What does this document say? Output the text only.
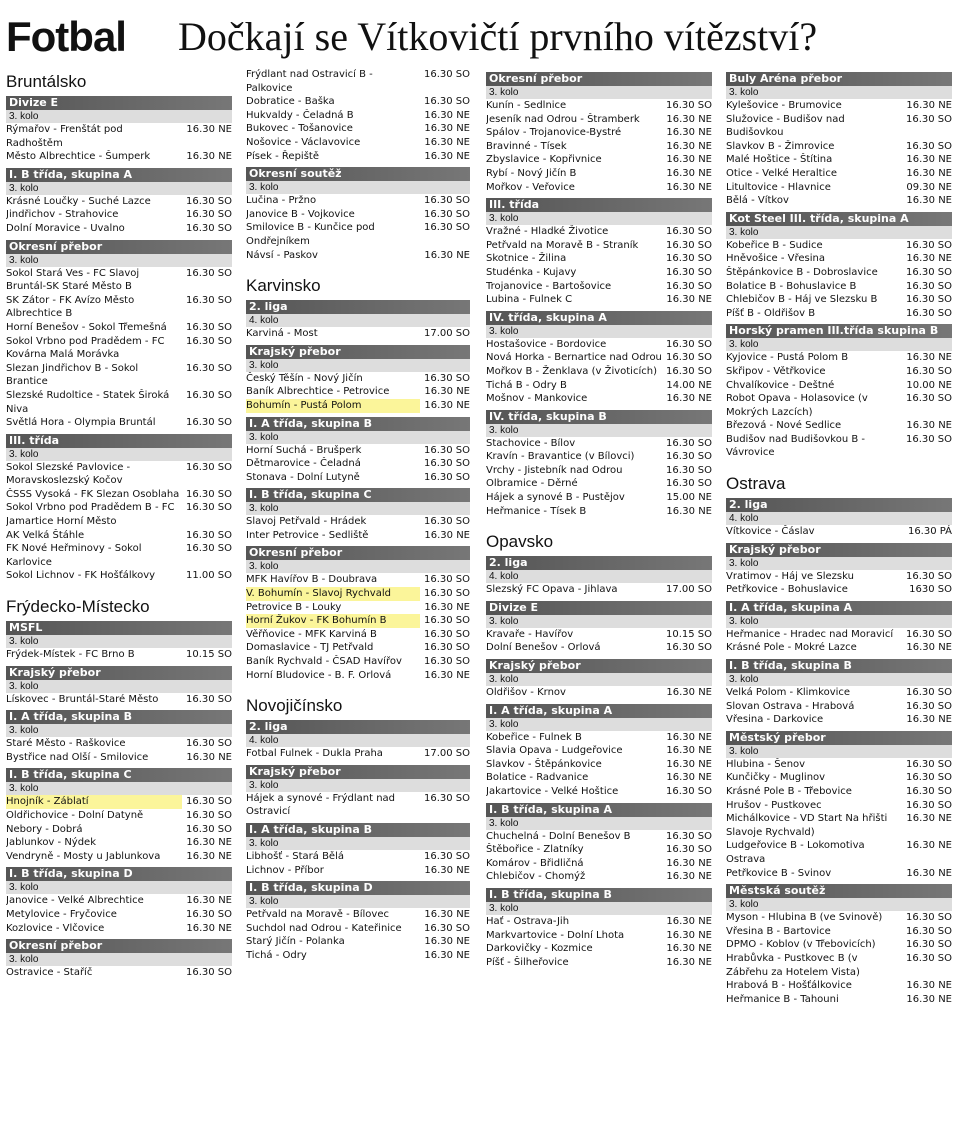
Fotbal Dočkají se Vítkovičtí prvního vítězství?
Bruntálsko
Divize E
3. kolo
Rýmařov - Frenštát pod Radhoštěm
16.30 NE
Město Albrechtice - Šumperk	16.30 NE
I. B třída, skupina A
3. kolo
Krásné Loučky - Suché Lazce	16.30 SO
Jindřichov - Strahovice	16.30 SO
Dolní Moravice - Uvalno	16.30 SO
Okresní přebor
3. kolo
Sokol Stará Ves - FC Slavoj Bruntál-SK Staré Město B
16.30 SO
SK Zátor - FK Avízo Město Albrechtice B
16.30 SO
Horní Benešov - Sokol Třemešná	16.30 SO
Sokol Vrbno pod Pradědem - FC Kovárna Malá Morávka
16.30 SO
Slezan Jindřichov B - Sokol Brantice
16.30 SO
Slezské Rudoltice - Statek Široká Niva
16.30 SO
Světlá Hora - Olympia Bruntál	16.30 SO
III. třída
3. kolo
Sokol Slezské Pavlovice - Moravskoslezský Kočov
16.30 SO
ČSSS Vysoká - FK Slezan Osoblaha 16.30 SO
Sokol Vrbno pod Pradědem B - FC Jamartice Horní Město
16.30 SO
AK Velká Štáhle	16.30 SO
FK Nové Heřminovy - Sokol Karlovice
16.30 SO
Sokol Lichnov - FK Hošťálkovy	11.00 SO
Frýdecko-Místecko
MSFL
3. kolo
Frýdek-Místek - FC Brno B	10.15 SO
Krajský přebor
3. kolo
Lískovec - Bruntál-Staré Město	16.30 SO
I. A třída, skupina B
3. kolo
Staré Město - Raškovice	16.30 SO
Bystřice nad Olší - Smilovice	16.30 NE
I. B třída, skupina C
3. kolo
Hnojník - Záblatí	16.30 SO
Oldřichovice - Dolní Datyně	16.30 SO
Nebory - Dobrá	16.30 SO
Jablunkov - Nýdek	16.30 NE
Vendryně - Mosty u Jablunkova	16.30 NE
I. B třída, skupina D
3. kolo
Janovice - Velké Albrechtice	16.30 NE
Metylovice - Fryčovice	16.30 SO
Kozlovice - Vlčovice	16.30 NE
Okresní přebor
3. kolo
Ostravice - Staříč	16.30 SO
Frýdlant nad Ostravicí B - Palkovice
16.30 SO
Dobratice - Baška	16.30 SO
Hukvaldy - Čeladná B	16.30 NE
Bukovec - Tošanovice	16.30 NE
Nošovice - Václavovice	16.30 NE
Písek - Řepiště	16.30 NE
Okresní soutěž
3. kolo
Lučina - Pržno	16.30 SO
Janovice B - Vojkovice	16.30 SO
Smilovice B - Kunčice pod Ondřejníkem
16.30 SO
Návsí - Paskov	16.30 NE
Karvinsko
2. liga
4. kolo
Karviná - Most	17.00 SO
Krajský přebor
3. kolo
Český Těšín - Nový Jičín	16.30 SO
Baník Albrechtice - Petrovice	16.30 NE
Bohumín - Pustá Polom	16.30 NE
I. A třída, skupina B
3. kolo
Horní Suchá - Brušperk	16.30 SO
Dětmarovice - Čeladná	16.30 SO
Stonava - Dolní Lutyně	16.30 SO
I. B třída, skupina C
3. kolo
Slavoj Petřvald - Hrádek	16.30 SO
Inter Petrovice - Sedliště	16.30 NE
Okresní přebor
3. kolo
MFK Havířov B - Doubrava	16.30 SO
V. Bohumín - Slavoj Rychvald	16.30 SO
Petrovice B - Louky	16.30 NE
Horní Žukov - FK Bohumín B	16.30 SO
Věřňovice - MFK Karviná B	16.30 SO
Domaslavice - TJ Petřvald	16.30 SO
Baník Rychvald - ČSAD Havířov	16.30 SO
Horní Bludovice - B. F. Orlová	16.30 NE
Novojičínsko
2. liga
4. kolo
Fotbal Fulnek - Dukla Praha	17.00 SO
Krajský přebor
3. kolo
Hájek a synové - Frýdlant nad Ostravicí
16.30 SO
I. A třída, skupina B
3. kolo
Libhošť - Stará Bělá	16.30 SO
Lichnov - Příbor	16.30 NE
I. B třída, skupina D
3. kolo
Petřvald na Moravě - Bílovec	16.30 NE
Suchdol nad Odrou - Kateřinice	16.30 SO
Starý Jičín - Polanka	16.30 NE
Tichá - Odry	16.30 NE
Okresní přebor
3. kolo
Kunín - Sedlnice	16.30 SO
Jeseník nad Odrou - Štramberk	16.30 NE
Spálov - Trojanovice-Bystré	16.30 NE
Bravinné - Tísek	16.30 NE
Zbyslavice - Kopřivnice	16.30 NE
Rybí - Nový Jičín B	16.30 NE
Mořkov - Veřovice	16.30 NE
III. třída
3. kolo
Vražné - Hladké Životice	16.30 SO
Petřvald na Moravě B - Straník	16.30 SO
Skotnice - Žilina	16.30 SO
Studénka - Kujavy	16.30 SO
Trojanovice - Bartošovice	16.30 SO
Lubina - Fulnek C	16.30 NE
IV. třída, skupina A
3. kolo
Hostašovice - Bordovice	16.30 SO
Nová Horka - Bernartice nad Odrou 16.30 SO
Mořkov B - Ženklava (v Životicích) 16.30 SO
Tichá B - Odry B	14.00 NE
Mošnov - Mankovice	16.30 NE
IV. třída, skupina B
3. kolo
Stachovice - Bílov	16.30 SO
Kravín - Bravantice (v Bílovci)	16.30 SO
Vrchy - Jistebník nad Odrou	16.30 SO
Olbramice - Děrné	16.30 SO
Hájek a synové B - Pustějov	15.00 NE
Heřmanice - Tísek B	16.30 NE
Opavsko
2. liga
4. kolo
Slezský FC Opava - Jihlava	17.00 SO
Divize E
3. kolo
Kravaře - Havířov	10.15 SO
Dolní Benešov - Orlová	16.30 SO
Krajský přebor
3. kolo
Oldřišov - Krnov	16.30 NE
I. A třída, skupina A
3. kolo
Kobeřice - Fulnek B	16.30 NE
Slavia Opava - Ludgeřovice	16.30 NE
Slavkov - Štěpánkovice	16.30 NE
Bolatice - Radvanice	16.30 NE
Jakartovice - Velké Hoštice	16.30 SO
I. B třída, skupina A
3. kolo
Chuchelná - Dolní Benešov B	16.30 SO
Štěbořice - Zlatníky	16.30 SO
Komárov - Břidličná	16.30 NE
Chlebičov - Chomýž	16.30 NE
I. B třída, skupina B
3. kolo
Hať - Ostrava-Jih	16.30 NE
Markvartovice - Dolní Lhota	16.30 NE
Darkovičky - Kozmice	16.30 NE
Píšť - Šilheřovice	16.30 NE
Buly Aréna přebor
3. kolo
Kylešovice - Brumovice	16.30 NE
Služovice - Budišov nad Budišovkou
16.30 SO
Slavkov B - Žimrovice	16.30 SO
Malé Hoštice - Štítina	16.30 NE
Otice - Velké Heraltice	16.30 NE
Litultovice - Hlavnice	09.30 NE
Bělá - Vítkov	16.30 NE
Kot Steel III. třída, skupina A
3. kolo
Kobeřice B - Sudice	16.30 SO
Hněvošice - Vřesina	16.30 NE
Štěpánkovice B - Dobroslavice	16.30 SO
Bolatice B - Bohuslavice B	16.30 SO
Chlebičov B - Háj ve Slezsku B	16.30 SO
Píšť B - Oldřišov B	16.30 SO
Horský pramen III.třída skupina B
3. kolo
Kyjovice - Pustá Polom B	16.30 NE
Skřipov - Větřkovice	16.30 SO
Chvalíkovice - Deštné	10.00 NE
Robot Opava - Holasovice (v Mokrých Lazcích)
16.30 SO
Březová - Nové Sedlice	16.30 NE
Budišov nad Budišovkou B - Vávrovice
16.30 SO
Ostrava
2. liga
4. kolo
Vítkovice - Čáslav	16.30 PÁ
Krajský přebor
3. kolo
Vratimov - Háj ve Slezsku	16.30 SO
Petřkovice - Bohuslavice	1630 SO
I. A třída, skupina A
3. kolo
Heřmanice - Hradec nad Moravicí	16.30 SO
Krásné Pole - Mokré Lazce	16.30 NE
I. B třída, skupina B
3. kolo
Velká Polom - Klimkovice	16.30 SO
Slovan Ostrava - Hrabová	16.30 SO
Vřesina - Darkovice	16.30 NE
Městský přebor
3. kolo
Hlubina - Šenov	16.30 SO
Kunčičky - Muglinov	16.30 SO
Krásné Pole B - Třebovice	16.30 SO
Hrušov - Pustkovec	16.30 SO
Michálkovice - VD Start Na hřišti Slavoje Rychvald)
16.30 NE
Ludgeřovice B - Lokomotiva Ostrava
16.30 NE
Petřkovice B - Svinov	16.30 NE
Městská soutěž
3. kolo
Myson - Hlubina B (ve Svinově)	16.30 SO
Vřesina B - Bartovice	16.30 SO
DPMO - Koblov (v Třebovicích)	16.30 SO
Hrabůvka - Pustkovec B (v Zábřehu za Hotelem Vista)
16.30 SO
Hrabová B - Hošťálkovice	16.30 NE
Heřmanice B - Tahouni	16.30 NE
